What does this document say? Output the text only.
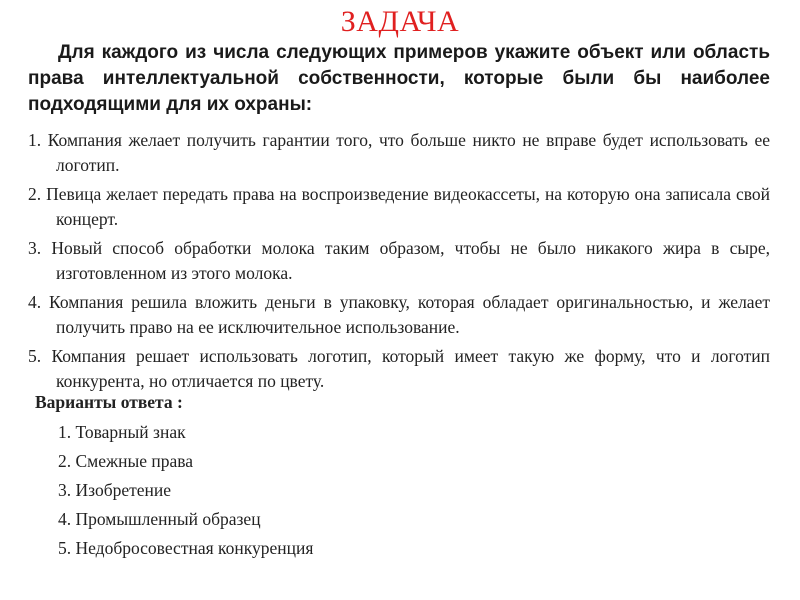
ЗАДАЧА
Для каждого из числа следующих примеров укажите объект или область права интеллектуальной собственности, которые были бы наиболее подходящими для их охраны:

1. Компания желает получить гарантии того, что больше никто не вправе будет использовать ее логотип.

2. Певица желает передать права на воспроизведение видеокассеты, на которую она записала свой концерт.

3. Новый способ обработки молока таким образом, чтобы не было никакого жира в сыре, изготовленном из этого молока.

4. Компания решила вложить деньги в упаковку, которая обладает оригинальностью, и желает получить право на ее исключительное использование.

5. Компания решает использовать логотип, который имеет такую же форму, что и логотип конкурента, но отличается по цвету.

Варианты ответа :
1. Товарный знак
2. Смежные права
3. Изобретение
4. Промышленный образец
5. Недобросовестная конкуренция
